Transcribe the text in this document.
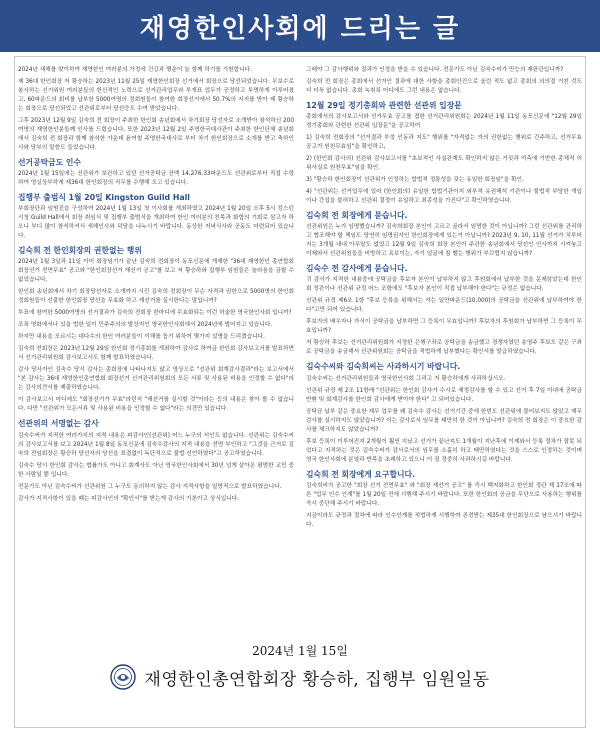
재영한인사회에 드리는 글

2024년 새해를 맞이하여 재영한인 여러분의 가정에 건강과 행운이 늘 함께 하기를 기원합니다.

제 36대 한인회장 저 황승하는 2023년 11월 25일 재영한인회장 선거에서 회장으로 당선되었습니다. 무보수로 봉사하는 선거위원 여러분들의 헌신적인 노력으로 선거관리업무와 투개표 업무가 공정하고 투명하게 이루어졌고, 60파운드의 회비를 납부한 5000여명의 정회원들이 참여한 회장선거에서 50.7%의 지지를 받아 제 황승하는 회장으로 당선되었고 선관위로부터 당선증도 수여 받았습니다.

그후 2023년 12월 9일 김숙희 전 회장이 주최한 한인회 송년회에서 차기회장 당선자로 소개받아 참석하신 200여명의 재영한인분들께 인사를 드렸습니다. 또한 2023년 12월 2일 주영한국대사관이 주최한 한인단체 송년회에서 김숙희 전 회장과 함께 참석한 가운데 윤여철 주영한국대사로 부터 차기 한인회장으로 소개를 받고 축하인사와 당부의 말씀도 들었습니다.

선거공탁금도 인수

2024년 1월 15일에는 선관위가 보관하고 있던 선거공탁금 잔액 14,276.33파운드도 선관위로부터 직접 수령하여 영실상부하게 제36대 한인회장의 직무를 수행해 오고 있습니다.

집행부 출범식 1월 20일 Kingston Guild Hall

부회장단과 임원진을 구성하여 2024년 1월 13일 첫 이사회를 개최하였고 2024년 1월 20일 오후 5시 킹스턴시청 Guild Hall에서 회장 취임식 및 집행부 출범식을 개최하여 한인 여러분의 친목과 화합의 기회로 삼고자 하오니 부디 많이 참석하셔서 새해인사와 덕담을 나누시기 바랍니다. 동상한 저녁식사와 공동도 마련되어 있습니다.

김숙희 전 한인회장의 권한없는 행위

2024년 1월 3일과 11일 이미 회장임기가 끝난 김숙희 전회장이 동포신문에 게재한 "36대 재영한인 총연합회 회장선거 전면무효" 공고와 "한인회장선거 재선거 공고"를 보고 저 황승하와 집행부 임원들은 놀라움을 금할 수 없었습니다.

한인회 송년회에서 차기 회장당선자로 소개까지 시킨 김숙희 전회장이 무슨 자격과 권한으로 5000명의 한인회 정회원들이 선출한 한인회장 당선을 무효화 하고 재선거를 실시한다는 말입니까?

투표에 참여한 5000여명의 선거결과가 김숙희 전회장 한마디에 무효화되는 이런 허술한 영국한인사회 입니까?

조폭 영화에서나 있을 법한 일이 민주주의의 발상지인 영국한인사회에서 2024년에 벌어지고 있습니다.

하지만 내용을 모르시는 대다수의 한인 여러분들이 이해를 돕기 위하여 몇가지 설명을 드리겠습니다.

김숙희 전회장은 2023년 12월 29일 한인회 정기총회를 개최하여 감사로 하여금 한인회 감사보고서를 발표하면서 선거관리위원회 감사보고서도 함께 발표하였습니다.

감사 당사자인 김숙수 당시 감사는 총회장에 나타나지도 않고 영상으로 "선관위 회계감사결과"라는 보고서에서 "본 감사는 36대 재영한인총연합회 회장선거 선거관리위원회의 모든 서류 및 사용된 비용을 인정할 수 없다"라는 감사의견서를 제출하였습니다.

이 감사보고서 어디에도 "회장선거가 무효"라던지 "재선거를 실시할 것"이라는 등의 내용은 찾아 볼 수 없습니다. 다만 "선관위가 모든서류 및 사용된 비용을 인정할 수 없다"라는 의견만 있습니다.

선관위의 서명없는 감사

김숙수씨가 지적한 여러가지의 지적 내용은 피감사인(선관위) 어느 누구의 서인도 없습니다. 선관위는 김숙수씨의 감사보고서를 보고 2024년 1월 8일 동포신문에 김숙수감사의 지적 내용을 전면 부인하고 "그것을 근거로 김숙희 전임회장은 황승하 당선자의 당선을 표결없이 독단적으로 불법 선언하였다"고 공고하였습니다.

김숙수 당시 한인회 감사는 법률가도 아니고 회계사도 아닌 영국한인사회에서 30년 넘게 살아온 평범한 교민 중 한 사람일 뿐 입니다.

전문가도 아닌 김숙수씨가 선관위원 그 누구도 동의하지 않는 감사 지적사항을 일방적으로 발표하였습니다.

감사가 지적사항이 있을 때는 피감사인의 "확인서"를 받는게 감사의 기본이고 상식입니다.

그래야 그 감사행위와 결과가 인정을 받을 수 있습니다. 전문가도 아닌 김숙수씨가 만능의 재판관입니까?

김숙희 전 회장은 총회에서 선거인 결과에 대한 사항을 총회안건으로 올린 적도 없고 총회의 의의결 거친 것도 더 더욱 없습니다. 총회 녹취록 어디에도 그런 내용은 없습니다.

12월 29일 정기총회와 관련한 선관위 입장문

총회에서의 감사보고서와 선거무효 공고를 접한 선거관리위원회는 2024년 1월 11일 동포신문에 "12월 29일 정기총회와 관련한 선관위 입장문"을 공고하여

1) 김숙희 전회장의 "선거결과 부정 인동과 지도" 행위를 "자격없는 자의 권한없는 행위로 간주하고, 선거무효 공고가 원천무효임"을 확인하고,

2) (한인회 감사의) 선관위 감사보고서를 "초보적인 사실관계도 확인하지 않은 거짓과 억측에 기반한 총체적 허위사실로 원천무효"임을 확인.

3) "황승하 한인회장이 선관위가 인정하는 합법적 정통성을 갖는 유일한 회장임"을 확인.

4) "선관위는 선거업무에 있어 (한인회의) 유일한 합법기관이지 외부적 유권해석 기관이나 불법적 부당한 개입이나 간섭을 불허하고 선관위 결정이 유일하고 최종성을 가진다"고 확인하였습니다.

김숙희 전 회장에게 묻습니다.

선관위원은 누가 임명했습니까? 김숙희회장 본인이 고르고 골라서 임명한 것이 아닙니까? 그런 선관위를 관리하고 협조해야 할 책임도 당연히 임명권자인 한인회장에게 있는거 아닙니까? 2023년 9, 10, 11월 선거가 치루어 지는 3개월 내내 아무말도 없었고 12월 9일 김숙희 회장 본인이 주관한 송년회에서 당선인 인사까지 시켜놓고 이제와서 선관위원들을 비방하고 욕보이는, 자기 얼굴에 침 뱉는 행위가 부끄럽지 않습니까?

김숙수 전 감사에게 묻습니다.

귀 감사가 지적한 내용중에 공탁금을 후보자 본인이 납부하지 않고 후원회에서 납부한 것을 문제삼았는데 한인회 정관이나 선관위 규정 어느 조항에도 "후보자 본인이 직접 납부해야 한다"는 규정은 없습니다.

선관위 규정 제6조 1항 "후보 등록을 위해서는 자는 일만파운드(10,000)의 공탁금을 선관위에 납부하여야 한다"고만 되어 있습니다.

후보자의 배우자나 자식이 공탁금을 납부하면 그 등록이 무효입니까? 후보자의 후원회가 납부하면 그 등록이 무효입니까?

저 황승하 후보는 선거관리위원회가 지정한 은행구좌로 공탁금을 송금했고 경쟁자였던 송영주 후보도 같은 구좌로 공탁금을 송금해서 선관위원회는 공탁금을 적법하게 납부했다는 확인서를 발급하였습니다.

김숙수씨와 김숙희씨는 사과하시기 바랍니다.

김숙수씨는 선거관리위원들과 영국한인사회 그리고 저 황승하에게 사과하십시오.

선관위 규정 제 2조 11항에 "선관위는 한인회 감사가 수시로 재정감사를 할 수 있고 선거 후 7일 이내에 공탁금 반환 및 회계감사를 한인회 감사에게 받아야 한다" 고 되어있습니다.

공탁금 납부 같은 중요한 재무 업무를 왜 김숙수 감사는 선거기간 중에 한번도 선관위에 물어보지도 않았고 재무 감사를 실시하지도 않았습니까? 이는 감사로서 임무를 태만히 한 것이 아닙니까? 김숙희 전 회장은 이 중요한 감사를 체크하지도 않았습니까?

후보 등록이 이루어진지 2개월이 훨씬 지났고 선거가 끝난지도 1개월이 지난후에 이제와서 등록 절차가 잘못 되었다고 지적하는 것은 김숙수씨가 감사로서의 임무를 소홀히 하고 태만하였다는 것을 스스로 인정하는 것이며 영국 한인사회에 분열과 반목을 초래하고 있으니 이 점 정중히 사과하시길 바랍니다.

김숙희 전 회장에게 요구합니다.

김숙희씨가 공고한 "회장 선거 전면무효" 와 "회장 재선거 공고" 를 즉시 백지화하고 한인회 정관 제 17조에 따른 "업무 인수 인계"를 1월 20일 전에 시행해 주시기 바랍니다. 또한 한인회의 공금을 무단으로 사용하는 행위를 즉시 중단해 주시기 바랍니다.

지금이라도 규정과 절차에 따라 인수인계를 적법하게 시행하여 존경받는 제35대 한인회장으로 남으시기 바랍니다.

2024년 1월 15일
재영한인총연합회장 황승하, 집행부 임원일동
